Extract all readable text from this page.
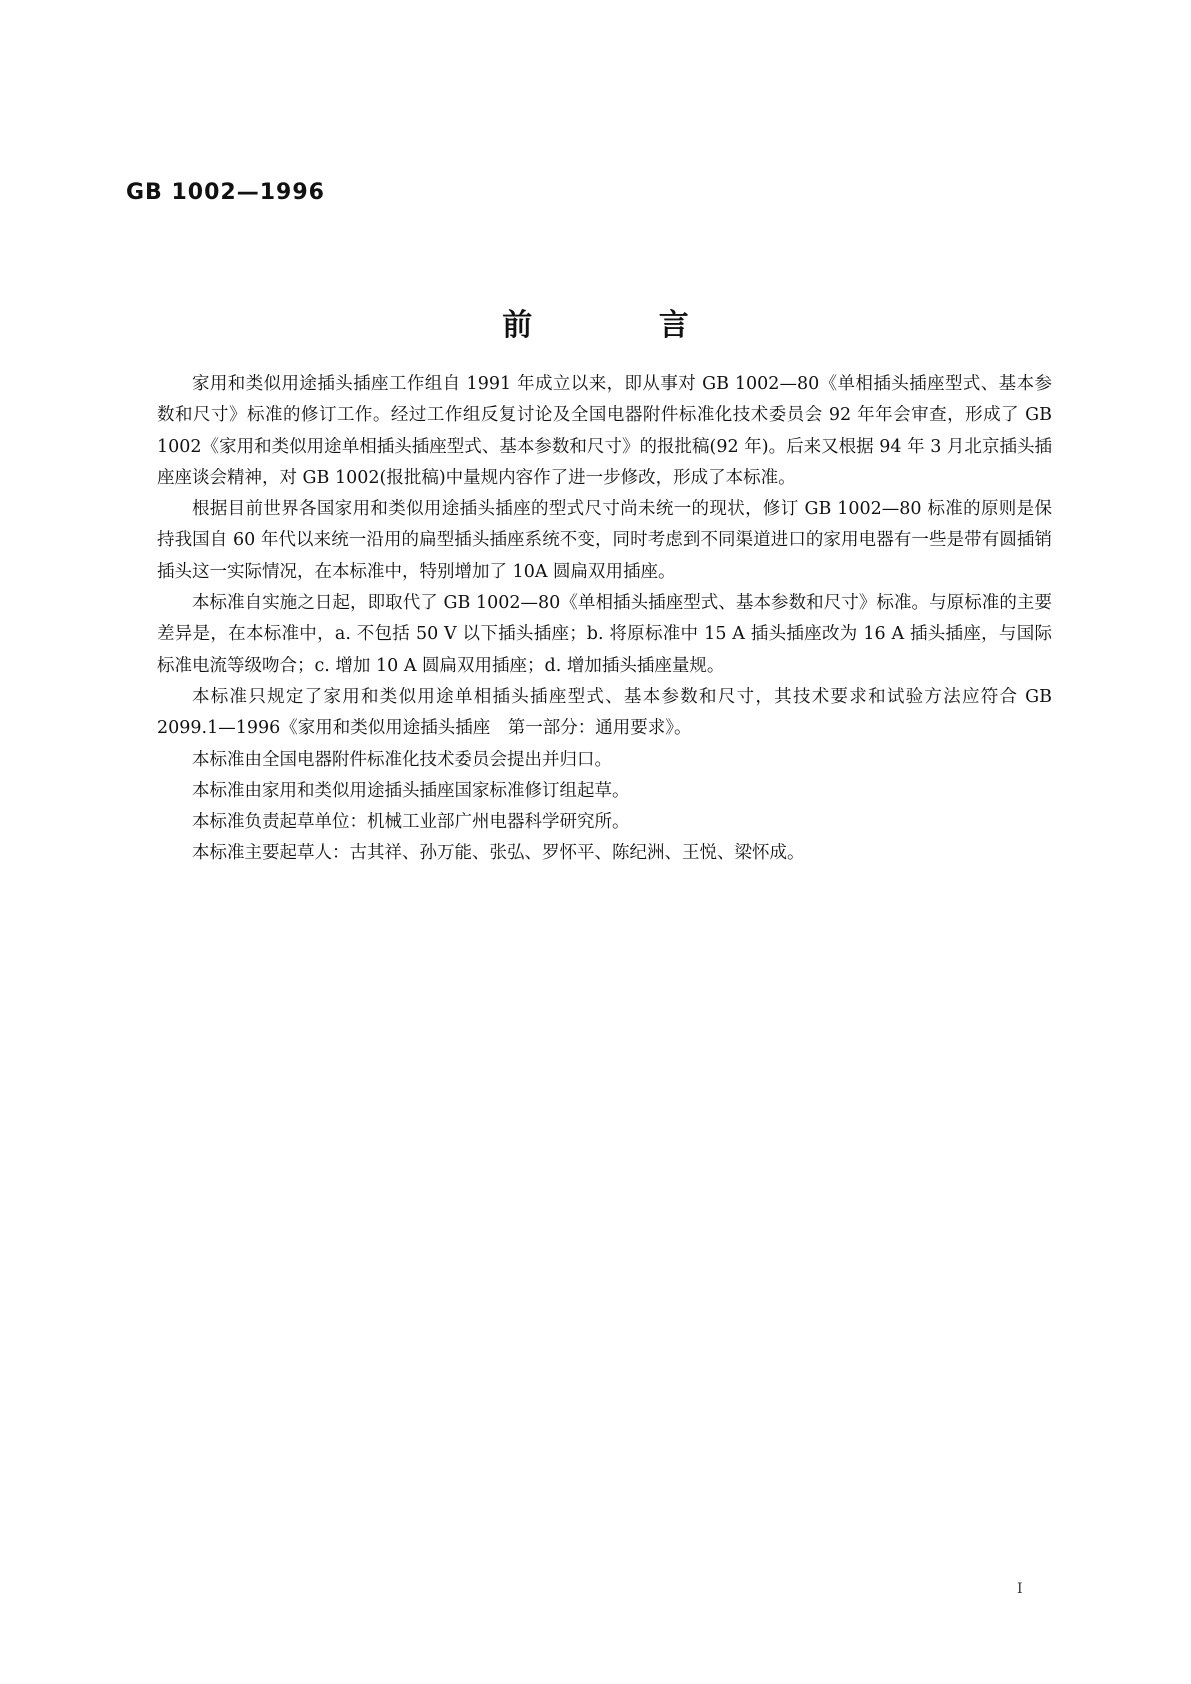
GB 1002—1996
前 言

家用和类似用途插头插座工作组自 1991 年成立以来，即从事对 GB 1002—80《单相插头插座型式、基本参数和尺寸》标准的修订工作。经过工作组反复讨论及全国电器附件标准化技术委员会 92 年年会审查，形成了 GB 1002《家用和类似用途单相插头插座型式、基本参数和尺寸》的报批稿(92 年)。后来又根据 94 年 3 月北京插头插座座谈会精神，对 GB 1002(报批稿)中量规内容作了进一步修改，形成了本标准。

根据目前世界各国家用和类似用途插头插座的型式尺寸尚未统一的现状，修订 GB 1002—80 标准的原则是保持我国自 60 年代以来统一沿用的扁型插头插座系统不变，同时考虑到不同渠道进口的家用电器有一些是带有圆插销插头这一实际情况，在本标准中，特别增加了 10A 圆扁双用插座。

本标准自实施之日起，即取代了 GB 1002—80《单相插头插座型式、基本参数和尺寸》标准。与原标准的主要差异是，在本标准中，a. 不包括 50 V 以下插头插座；b. 将原标准中 15 A 插头插座改为 16 A 插头插座，与国际标准电流等级吻合；c. 增加 10 A 圆扁双用插座；d. 增加插头插座量规。

本标准只规定了家用和类似用途单相插头插座型式、基本参数和尺寸，其技术要求和试验方法应符合 GB 2099.1—1996《家用和类似用途插头插座　第一部分：通用要求》。

本标准由全国电器附件标准化技术委员会提出并归口。

本标准由家用和类似用途插头插座国家标准修订组起草。

本标准负责起草单位：机械工业部广州电器科学研究所。

本标准主要起草人：古其祥、孙万能、张弘、罗怀平、陈纪洲、王悦、梁怀成。

I
